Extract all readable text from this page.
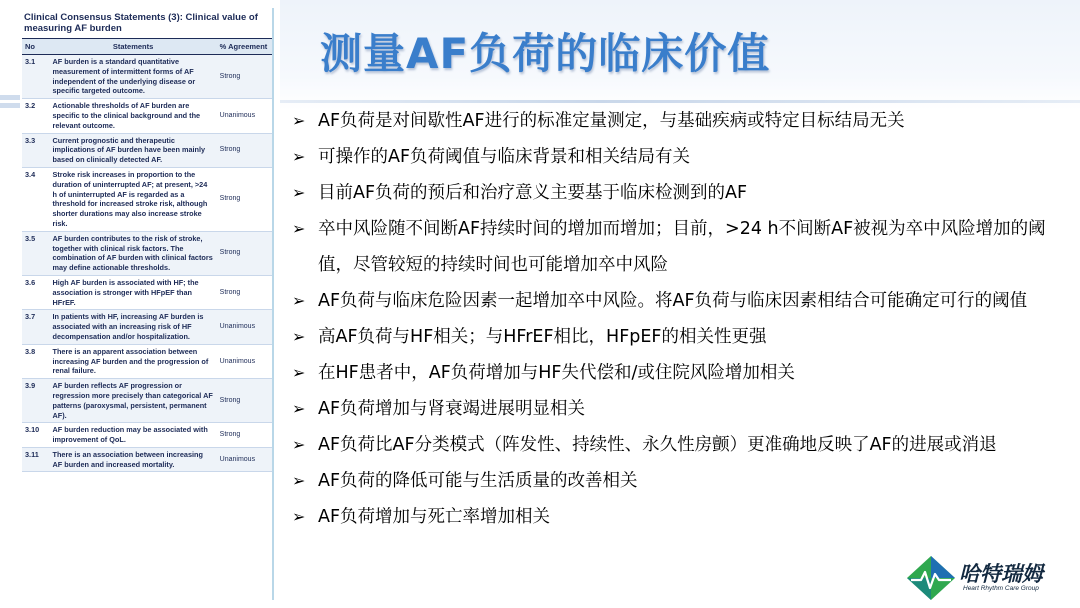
Clinical Consensus Statements (3): Clinical value of measuring AF burden
No	Statements	% Agreement
3.1	AF burden is a standard quantitative measurement of intermittent forms of AF independent of the underlying disease or specific targeted outcome.	Strong
3.2	Actionable thresholds of AF burden are specific to the clinical background and the relevant outcome.	Unanimous
3.3	Current prognostic and therapeutic implications of AF burden have been mainly based on clinically detected AF.	Strong
3.4	Stroke risk increases in proportion to the duration of uninterrupted AF; at present, >24 h of uninterrupted AF is regarded as a threshold for increased stroke risk, although shorter durations may also increase stroke risk.	Strong
3.5	AF burden contributes to the risk of stroke, together with clinical risk factors. The combination of AF burden with clinical factors may define actionable thresholds.	Strong
3.6	High AF burden is associated with HF; the association is stronger with HFpEF than HFrEF.	Strong
3.7	In patients with HF, increasing AF burden is associated with an increasing risk of HF decompensation and/or hospitalization.	Unanimous
3.8	There is an apparent association between increasing AF burden and the progression of renal failure.	Unanimous
3.9	AF burden reflects AF progression or regression more precisely than categorical AF patterns (paroxysmal, persistent, permanent AF).	Strong
3.10	AF burden reduction may be associated with improvement of QoL.	Strong
3.11	There is an association between increasing AF burden and increased mortality.	Unanimous
测量AF负荷的临床价值
➢ AF负荷是对间歇性AF进行的标准定量测定，与基础疾病或特定目标结局无关
➢ 可操作的AF负荷阈值与临床背景和相关结局有关
➢ 目前AF负荷的预后和治疗意义主要基于临床检测到的AF
➢ 卒中风险随不间断AF持续时间的增加而增加；目前，>24 h不间断AF被视为卒中风险增加的阈值，尽管较短的持续时间也可能增加卒中风险
➢ AF负荷与临床危险因素一起增加卒中风险。将AF负荷与临床因素相结合可能确定可行的阈值
➢ 高AF负荷与HF相关；与HFrEF相比，HFpEF的相关性更强
➢ 在HF患者中，AF负荷增加与HF失代偿和/或住院风险增加相关
➢ AF负荷增加与肾衰竭进展明显相关
➢ AF负荷比AF分类模式（阵发性、持续性、永久性房颤）更准确地反映了AF的进展或消退
➢ AF负荷的降低可能与生活质量的改善相关
➢ AF负荷增加与死亡率增加相关
哈特瑞姆
Heart Rhythm Care Group
